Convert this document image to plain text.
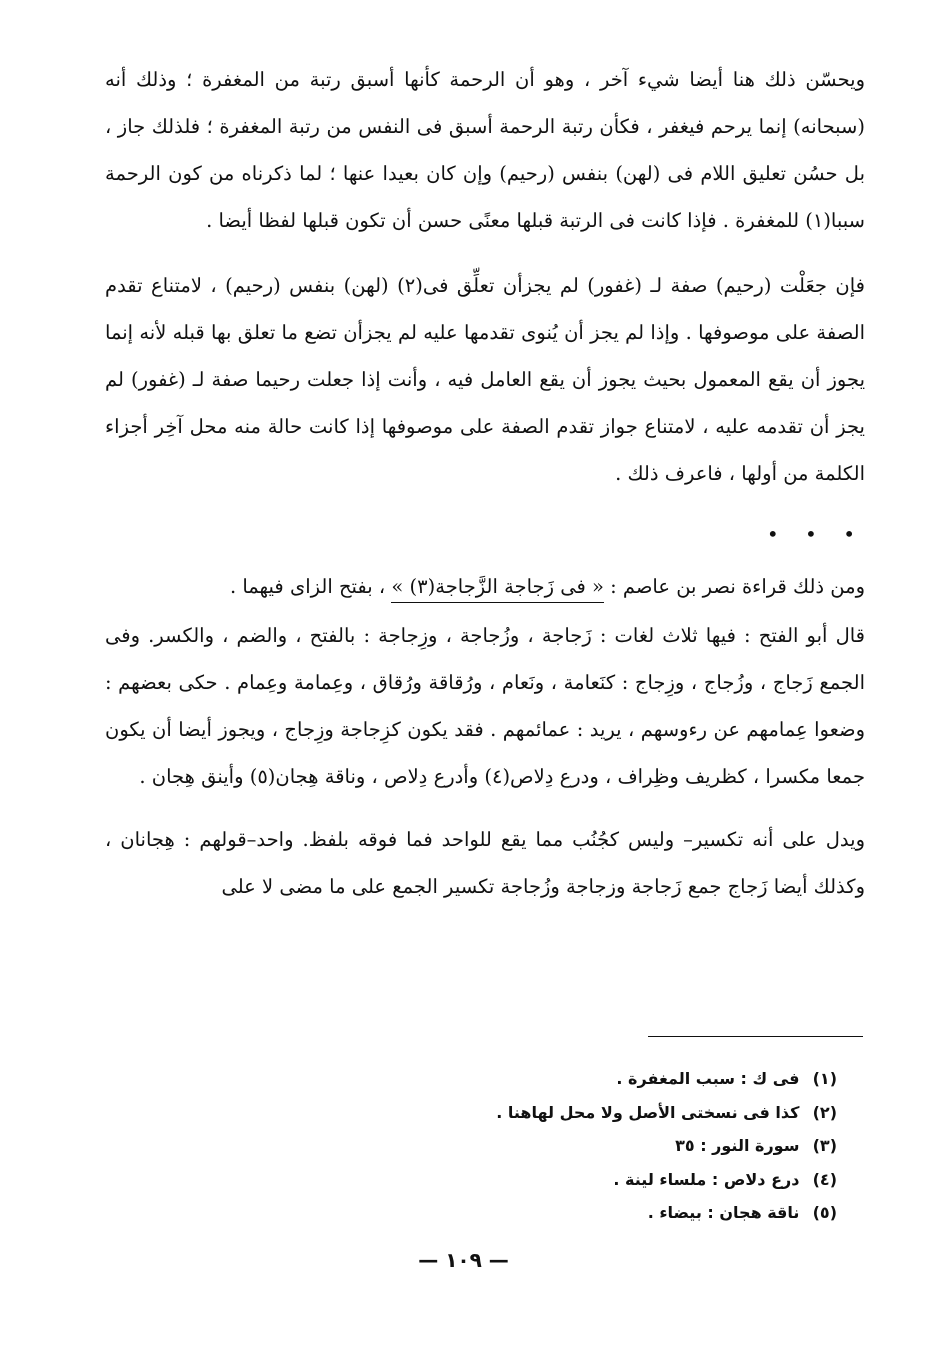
ويحسّن ذلك هنا أيضا شيء آخر ، وهو أن الرحمة كأنها أسبق رتبة من المغفرة ؛ وذلك أنه (سبحانه) إنما يرحم فيغفر ، فكأن رتبة الرحمة أسبق فى النفس من رتبة المغفرة ؛ فلذلك جاز ، بل حسُن تعليق اللام فى (لهن) بنفس (رحيم) وإن كان بعيدا عنها ؛ لما ذكرناه من كون الرحمة سببا(١) للمغفرة . فإذا كانت فى الرتبة قبلها معنًى حسن أن تكون قبلها لفظا أيضا .

فإن جعَلْت (رحيم) صفة لـ (غفور) لم يجزأن تعلِّق فى(٢) (لهن) بنفس (رحيم) ، لامتناع تقدم الصفة على موصوفها . وإذا لم يجز أن يُنوى تقدمها عليه لم يجزأن تضع ما تعلق بها قبله لأنه إنما يجوز أن يقع المعمول بحيث يجوز أن يقع العامل فيه ، وأنت إذا جعلت رحيما صفة لـ (غفور) لم يجز أن تقدمه عليه ، لامتناع جواز تقدم الصفة على موصوفها إذا كانت حالة منه محل آخِر أجزاء الكلمة من أولها ، فاعرف ذلك .

• • •

ومن ذلك قراءة نصر بن عاصم : « فى زَجاجة الزَّجاجة(٣) » ، بفتح الزاى فيهما .

قال أبو الفتح : فيها ثلاث لغات : زَجاجة ، وزُجاجة ، وزِجاجة : بالفتح ، والضم ، والكسر. وفى الجمع زَجاج ، وزُجاج ، وزِجاج : كنَعامة ، ونَعام ، ورُقاقة ورُقاق ، وعِمامة وعِمام . حكى بعضهم : وضعوا عِمامهم عن رءوسهم ، يريد : عمائمهم . فقد يكون كزِجاجة وزِجاج ، ويجوز أيضا أن يكون جمعا مكسرا ، كظريف وظِراف ، ودرع دِلاص(٤) وأدرع دِلاص ، وناقة هِجان(٥) وأينق هِجان .

ويدل على أنه تكسير– وليس كجُنُب مما يقع للواحد فما فوقه بلفظ. واحد–قولهم : هِجانان ، وكذلك أيضا زَجاج جمع زَجاجة وزجاجة وزُجاجة تكسير الجمع على ما مضى لا على

(١) فى ك : سبب المغفرة .
(٢) كذا فى نسختى الأصل ولا محل لهاهنا .
(٣) سورة النور : ٣٥
(٤) درع دلاص : ملساء لينة .
(٥) ناقة هجان : بيضاء .
— ١٠٩ —
